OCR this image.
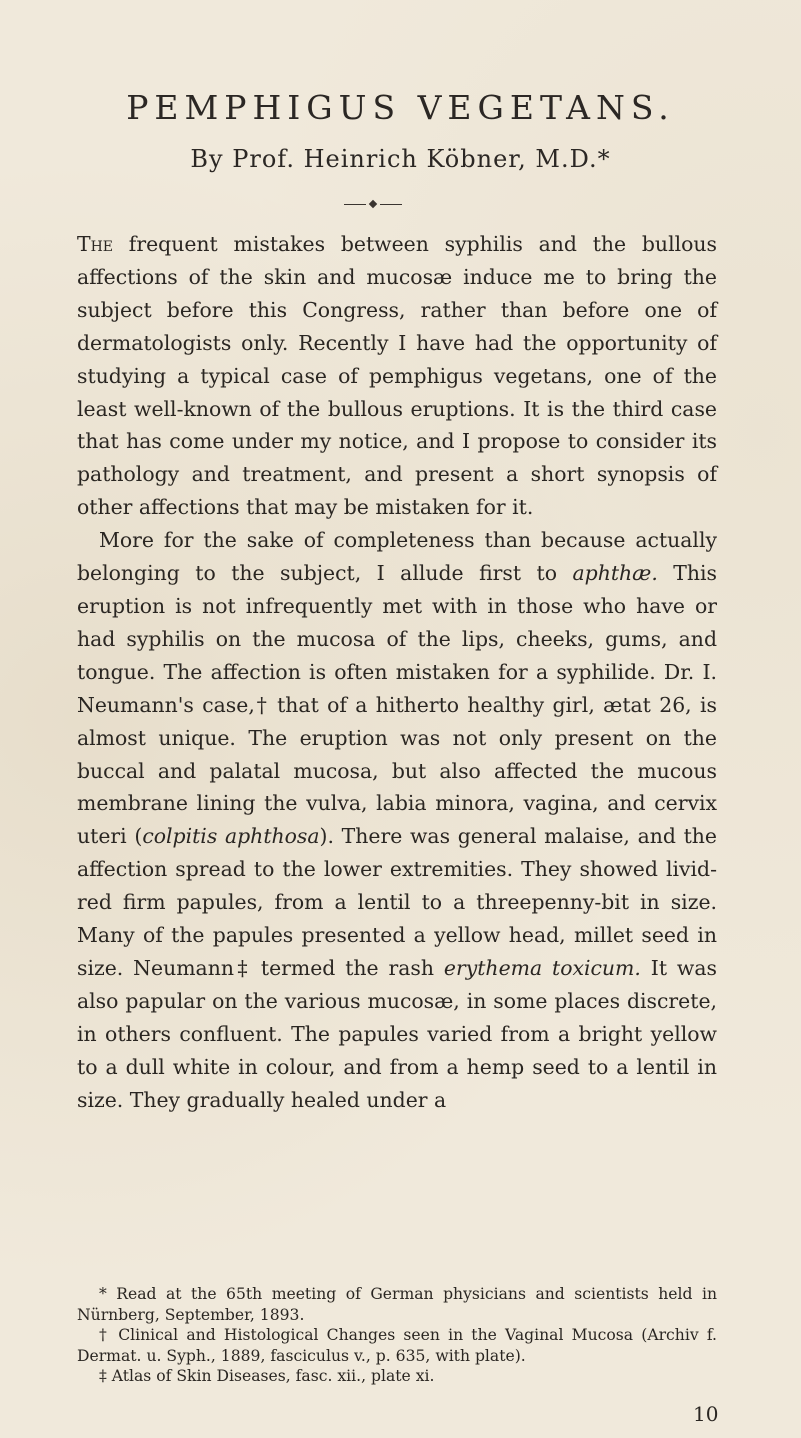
PEMPHIGUS VEGETANS.
By Prof. Heinrich Köbner, M.D.*

The frequent mistakes between syphilis and the bullous affections of the skin and mucosæ induce me to bring the subject before this Congress, rather than before one of dermatologists only. Recently I have had the opportunity of studying a typical case of pemphigus vegetans, one of the least well-known of the bullous eruptions. It is the third case that has come under my notice, and I propose to consider its pathology and treatment, and present a short synopsis of other affections that may be mistaken for it.

More for the sake of completeness than because actually belonging to the subject, I allude first to aphthæ. This eruption is not infrequently met with in those who have or had syphilis on the mucosa of the lips, cheeks, gums, and tongue. The affection is often mistaken for a syphilide. Dr. I. Neumann's case,† that of a hitherto healthy girl, ætat 26, is almost unique. The eruption was not only present on the buccal and palatal mucosa, but also affected the mucous membrane lining the vulva, labia minora, vagina, and cervix uteri (colpitis aphthosa). There was general malaise, and the affection spread to the lower extremities. They showed livid-red firm papules, from a lentil to a threepenny-bit in size. Many of the papules presented a yellow head, millet seed in size. Neumann‡ termed the rash erythema toxicum. It was also papular on the various mucosæ, in some places discrete, in others confluent. The papules varied from a bright yellow to a dull white in colour, and from a hemp seed to a lentil in size. They gradually healed under a

* Read at the 65th meeting of German physicians and scientists held in Nürnberg, September, 1893.

† Clinical and Histological Changes seen in the Vaginal Mucosa (Archiv f. Dermat. u. Syph., 1889, fasciculus v., p. 635, with plate).

‡ Atlas of Skin Diseases, fasc. xii., plate xi.

10
